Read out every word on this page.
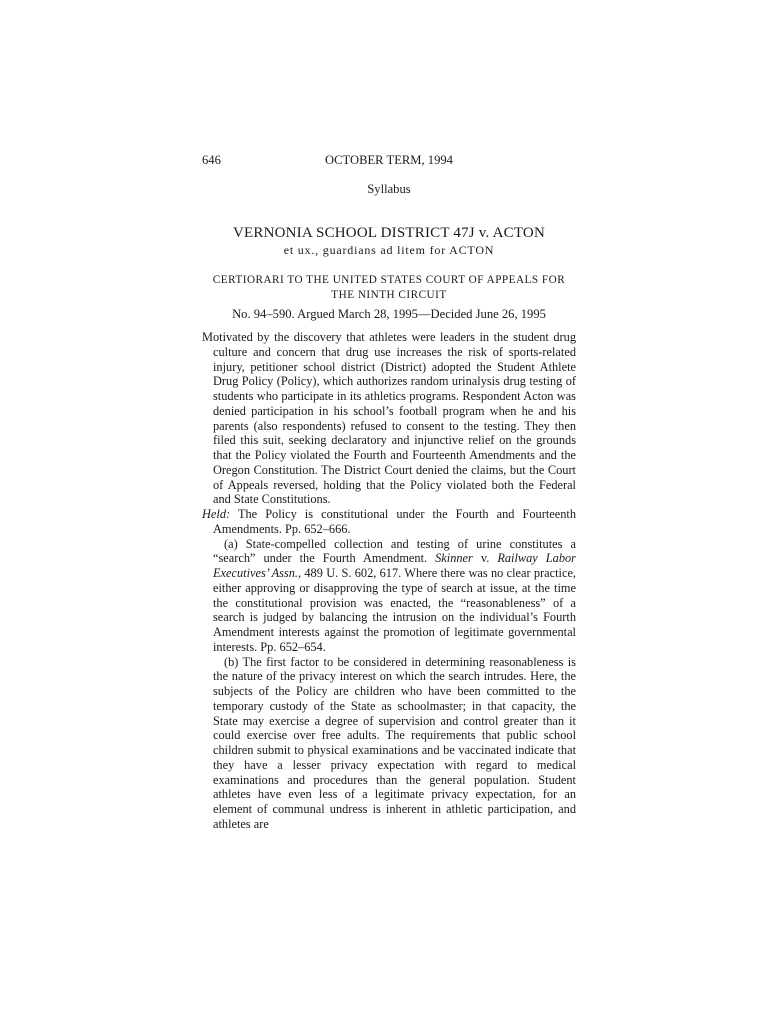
646	OCTOBER TERM, 1994
Syllabus
VERNONIA SCHOOL DISTRICT 47J v. ACTON
et ux., guardians ad litem for ACTON
CERTIORARI TO THE UNITED STATES COURT OF APPEALS FOR THE NINTH CIRCUIT
No. 94–590. Argued March 28, 1995—Decided June 26, 1995

Motivated by the discovery that athletes were leaders in the student drug culture and concern that drug use increases the risk of sports-related injury, petitioner school district (District) adopted the Student Athlete Drug Policy (Policy), which authorizes random urinalysis drug testing of students who participate in its athletics programs. Respondent Acton was denied participation in his school’s football program when he and his parents (also respondents) refused to consent to the testing. They then filed this suit, seeking declaratory and injunctive relief on the grounds that the Policy violated the Fourth and Fourteenth Amendments and the Oregon Constitution. The District Court denied the claims, but the Court of Appeals reversed, holding that the Policy violated both the Federal and State Constitutions.

Held: The Policy is constitutional under the Fourth and Fourteenth Amendments. Pp. 652–666.

(a) State-compelled collection and testing of urine constitutes a “search” under the Fourth Amendment. Skinner v. Railway Labor Executives’ Assn., 489 U. S. 602, 617. Where there was no clear practice, either approving or disapproving the type of search at issue, at the time the constitutional provision was enacted, the “reasonableness” of a search is judged by balancing the intrusion on the individual’s Fourth Amendment interests against the promotion of legitimate governmental interests. Pp. 652–654.

(b) The first factor to be considered in determining reasonableness is the nature of the privacy interest on which the search intrudes. Here, the subjects of the Policy are children who have been committed to the temporary custody of the State as schoolmaster; in that capacity, the State may exercise a degree of supervision and control greater than it could exercise over free adults. The requirements that public school children submit to physical examinations and be vaccinated indicate that they have a lesser privacy expectation with regard to medical examinations and procedures than the general population. Student athletes have even less of a legitimate privacy expectation, for an element of communal undress is inherent in athletic participation, and athletes are
